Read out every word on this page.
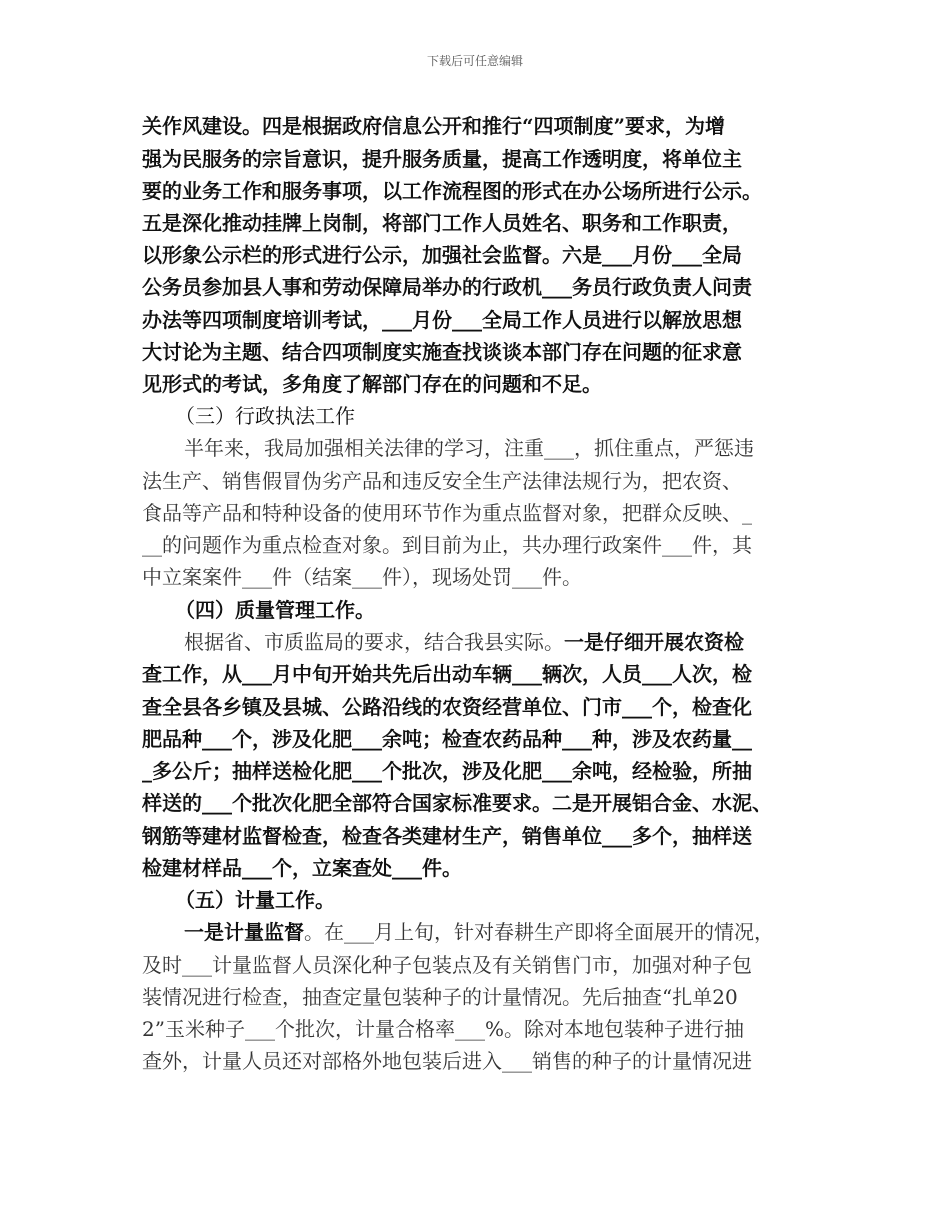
下载后可任意编辑
关作风建设。四是根据政府信息公开和推行“四项制度”要求，为增
强为民服务的宗旨意识，提升服务质量，提高工作透明度，将单位主
要的业务工作和服务事项，以工作流程图的形式在办公场所进行公示。
五是深化推动挂牌上岗制，将部门工作人员姓名、职务和工作职责，
以形象公示栏的形式进行公示，加强社会监督。六是___月份___全局
公务员参加县人事和劳动保障局举办的行政机___务员行政负责人问责
办法等四项制度培训考试，___月份___全局工作人员进行以解放思想
大讨论为主题、结合四项制度实施查找谈谈本部门存在问题的征求意
见形式的考试，多角度了解部门存在的问题和不足。
（三）行政执法工作
半年来，我局加强相关法律的学习，注重___，抓住重点，严惩违
法生产、销售假冒伪劣产品和违反安全生产法律法规行为，把农资、
食品等产品和特种设备的使用环节作为重点监督对象，把群众反映、_
__的问题作为重点检查对象。到目前为止，共办理行政案件___件，其
中立案案件___件（结案___件），现场处罚___件。
（四）质量管理工作。
根据省、市质监局的要求，结合我县实际。一是仔细开展农资检
查工作，从___月中旬开始共先后出动车辆___辆次，人员___人次，检
查全县各乡镇及县城、公路沿线的农资经营单位、门市___个，检查化
肥品种___个，涉及化肥___余吨；检查农药品种___种，涉及农药量__
_多公斤；抽样送检化肥___个批次，涉及化肥___余吨，经检验，所抽
样送的___个批次化肥全部符合国家标准要求。二是开展铝合金、水泥、
钢筋等建材监督检查，检查各类建材生产，销售单位___多个，抽样送
检建材样品___个，立案查处___件。
（五）计量工作。
一是计量监督。在___月上旬，针对春耕生产即将全面展开的情况，
及时___计量监督人员深化种子包装点及有关销售门市，加强对种子包
装情况进行检查，抽查定量包装种子的计量情况。先后抽查“扎单20
2”玉米种子___个批次，计量合格率___%。除对本地包装种子进行抽
查外，计量人员还对部格外地包装后进入___销售的种子的计量情况进
